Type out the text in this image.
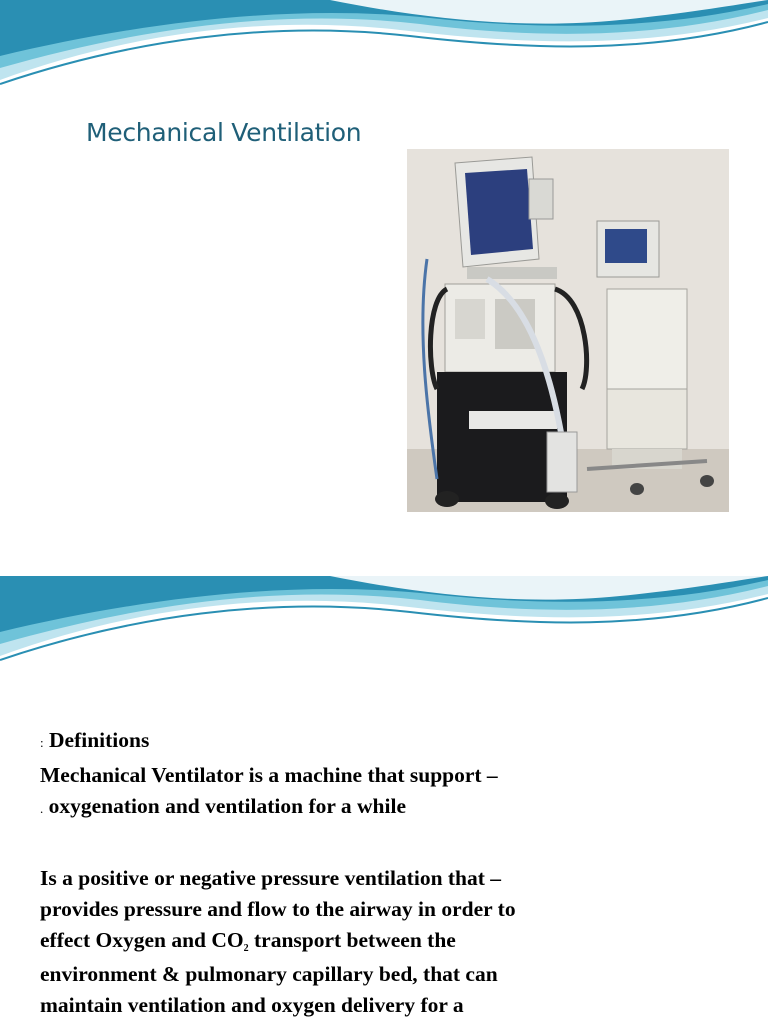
Mechanical Ventilation
: Definitions
Mechanical Ventilator is a machine that support –
. oxygenation and ventilation for a while
Is a positive or negative pressure ventilation that –
provides pressure and flow to the airway in order to
effect Oxygen and $CO_2$ transport between the
environment & pulmonary capillary bed, that can
maintain ventilation and oxygen delivery for a
